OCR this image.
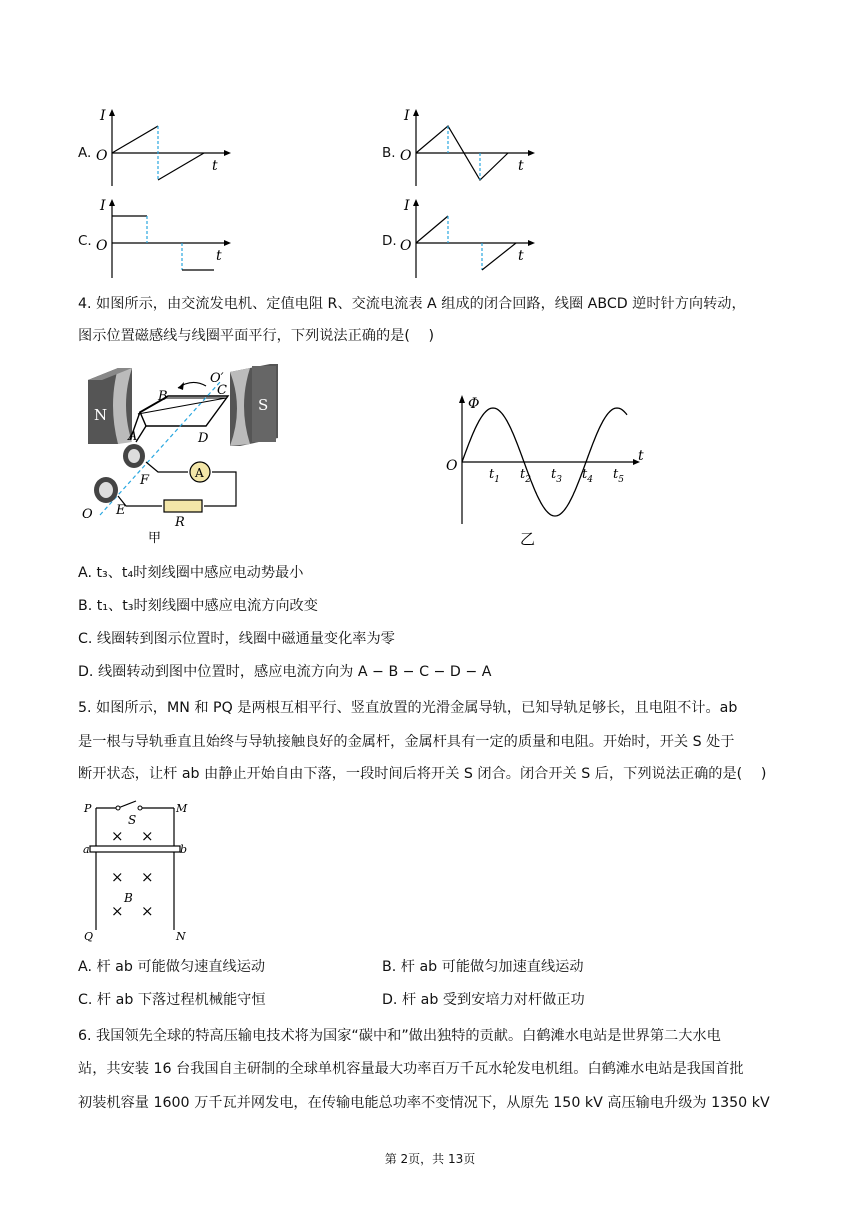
A.
I
O
t
B.
I
O
t
C.
I
O
t
D.
I
O
t
4. 如图所示，由交流发电机、定值电阻 R、交流电流表 A 组成的闭合回路，线圈 ABCD 逆时针方向转动，
图示位置磁感线与线圈平面平行，下列说法正确的是(　 )
N
S
A
B	C
O′
A	D
F
E
O
R
甲
Φ
O
t
$t_1$ $t_2$ $t_3$ $t_4$ $t_5$
乙
A. t₃、t₄时刻线圈中感应电动势最小
B. t₁、t₃时刻线圈中感应电流方向改变
C. 线圈转到图示位置时，线圈中磁通量变化率为零
D. 线圈转动到图中位置时，感应电流方向为 A − B − C − D − A
5. 如图所示，MN 和 PQ 是两根互相平行、竖直放置的光滑金属导轨，已知导轨足够长，且电阻不计。ab
是一根与导轨垂直且始终与导轨接触良好的金属杆，金属杆具有一定的质量和电阻。开始时，开关 S 处于
断开状态，让杆 ab 由静止开始自由下落，一段时间后将开关 S 闭合。闭合开关 S 后，下列说法正确的是(　 )
P	M
S
a	b
B
Q	N
× ×
× ×
× ×
A. 杆 ab 可能做匀速直线运动	B. 杆 ab 可能做匀加速直线运动
C. 杆 ab 下落过程机械能守恒	D. 杆 ab 受到安培力对杆做正功
6. 我国领先全球的特高压输电技术将为国家“碳中和”做出独特的贡献。白鹤滩水电站是世界第二大水电
站，共安装 16 台我国自主研制的全球单机容量最大功率百万千瓦水轮发电机组。白鹤滩水电站是我国首批
初装机容量 1600 万千瓦并网发电，在传输电能总功率不变情况下，从原先 150 kV 高压输电升级为 1350 kV
第 2页，共 13页
